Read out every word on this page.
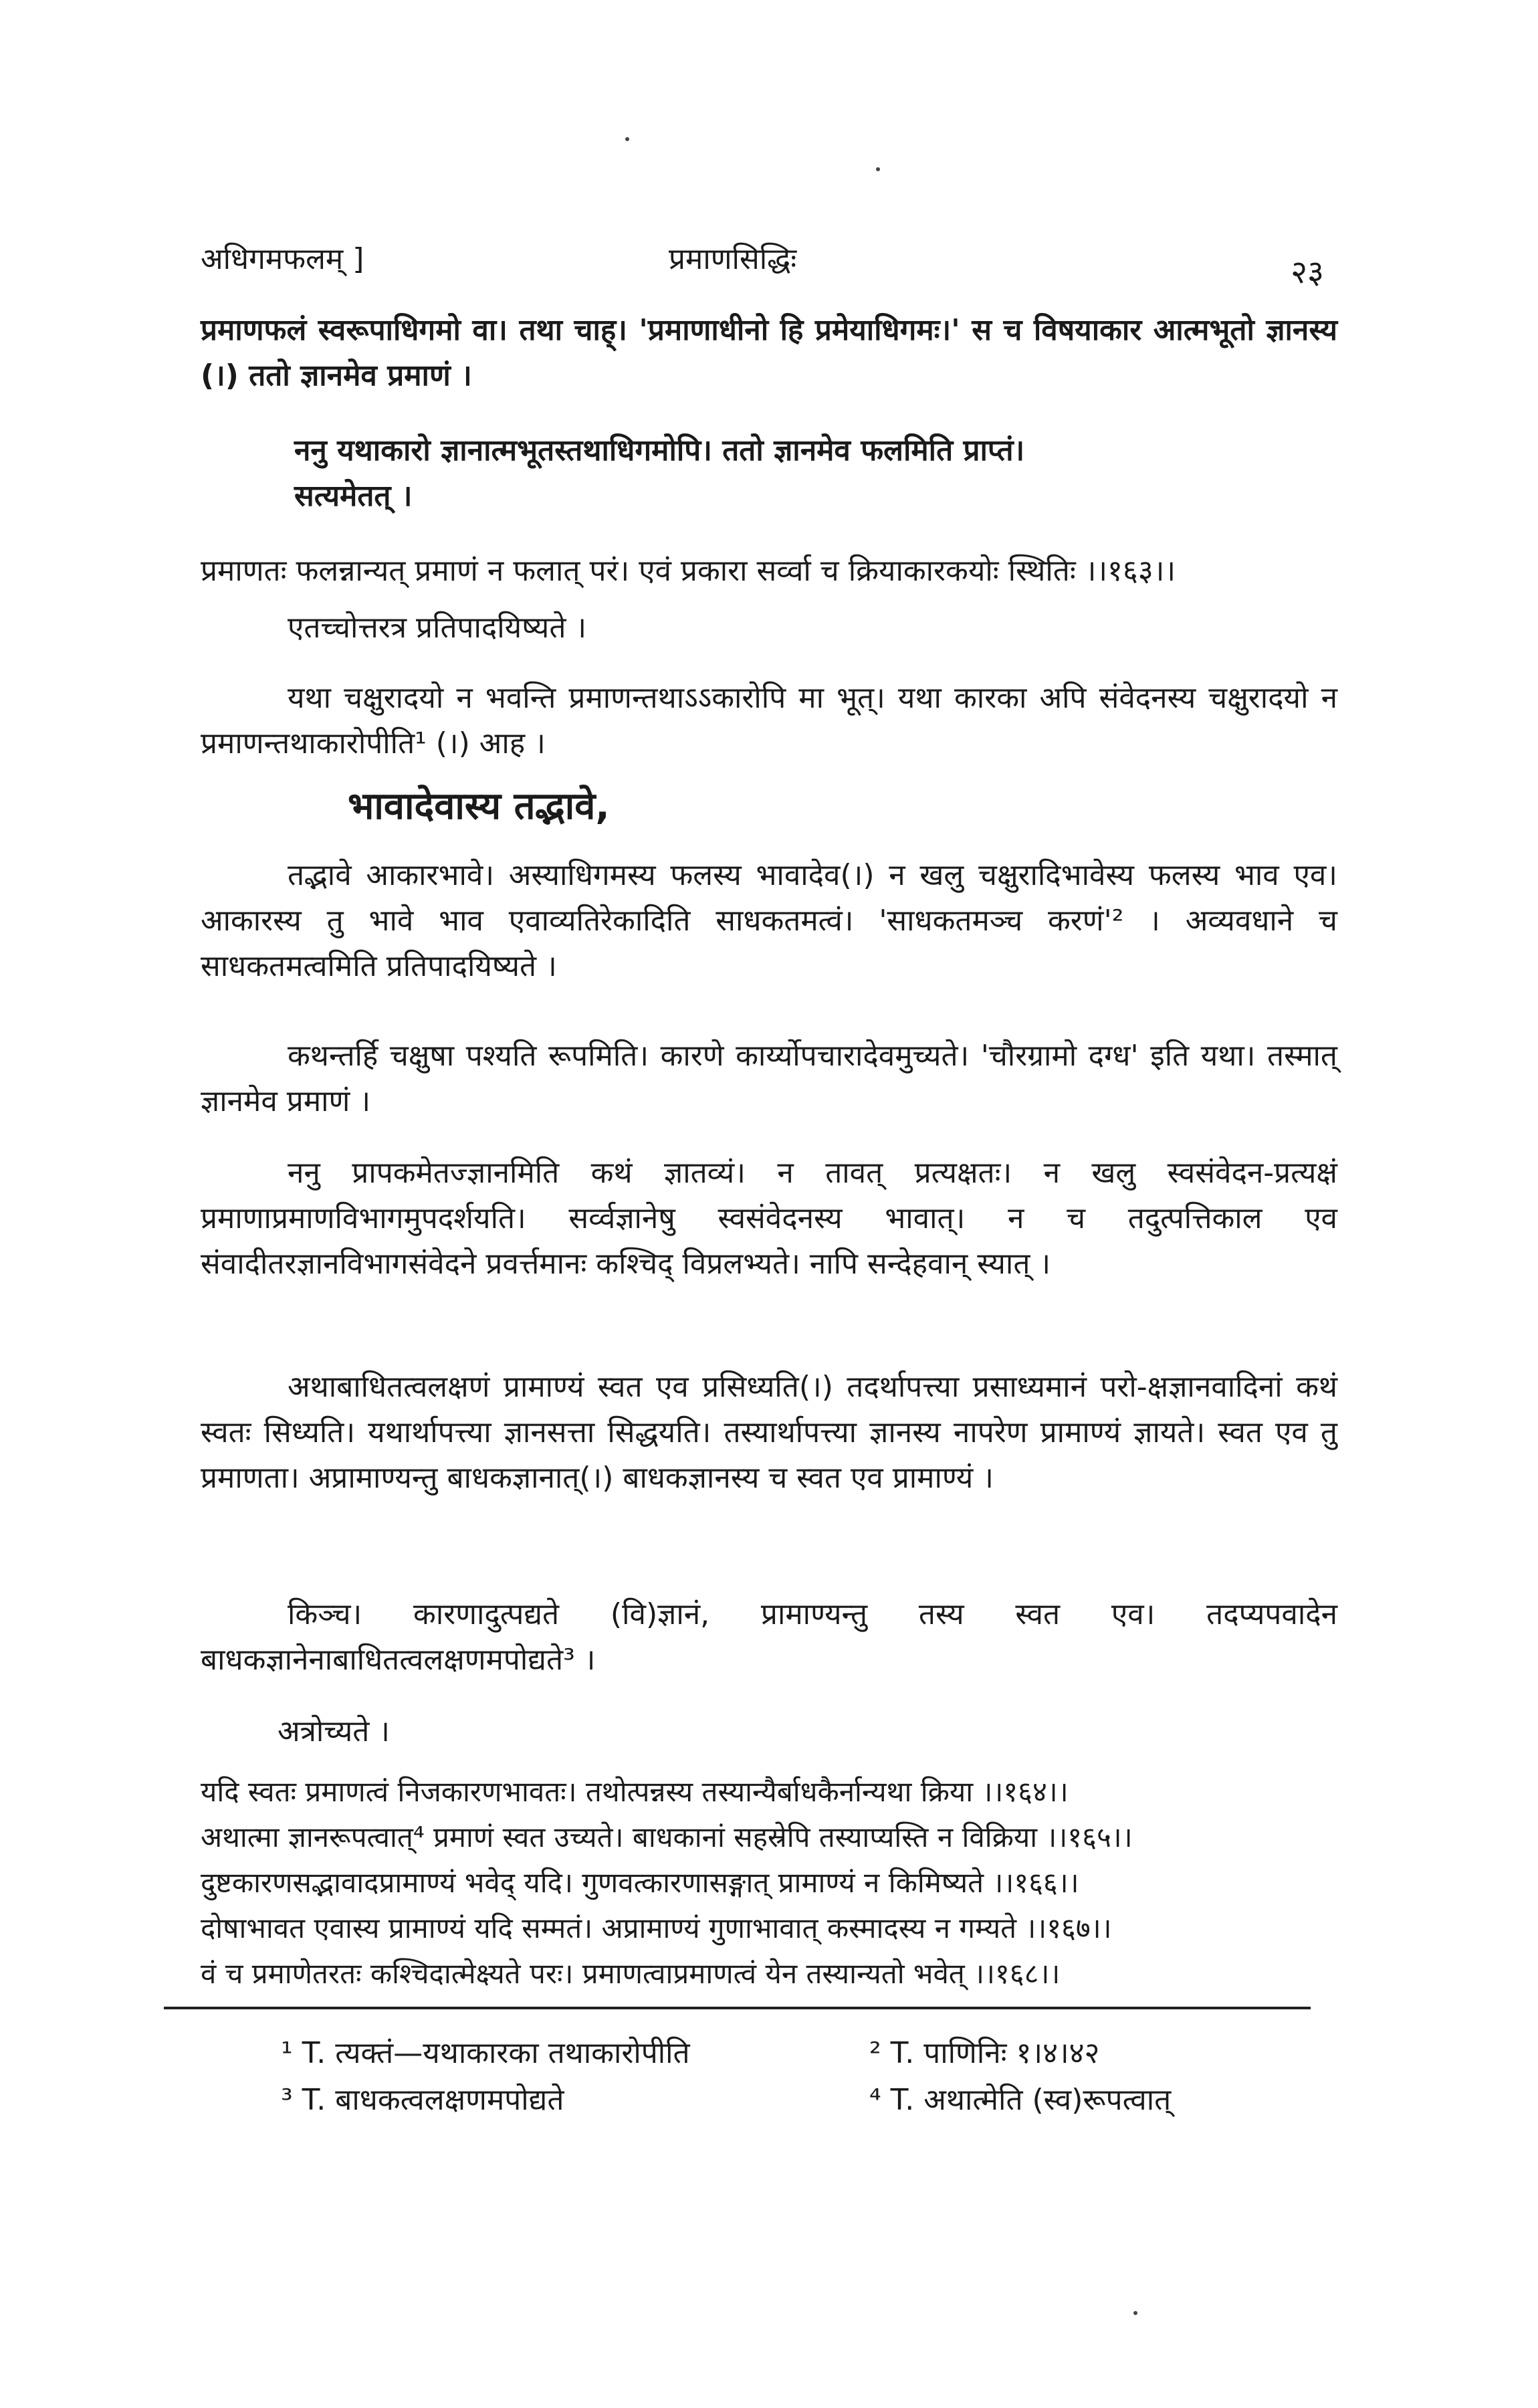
अधिगमफलम् ]	प्रमाणसिद्धिः	२३

प्रमाणफलं स्वरूपाधिगमो वा। तथा चाह्। 'प्रमाणाधीनो हि प्रमेयाधिगमः।' स च विषयाकार आत्मभूतो ज्ञानस्य (।) ततो ज्ञानमेव प्रमाणं ।

ननु यथाकारो ज्ञानात्मभूतस्तथाधिगमोपि। ततो ज्ञानमेव फलमिति प्राप्तं।

सत्यमेतत् ।

प्रमाणतः फलन्नान्यत् प्रमाणं न फलात् परं। एवं प्रकारा सर्व्वा च क्रियाकारकयोः स्थितिः ।।१६३।।

एतच्चोत्तरत्र प्रतिपादयिष्यते ।

यथा चक्षुरादयो न भवन्ति प्रमाणन्तथाऽऽकारोपि मा भूत्। यथा कारका अपि संवेदनस्य चक्षुरादयो न प्रमाणन्तथाकारोपीति¹ (।) आह ।

भावादेवास्य तद्भावे,

तद्भावे आकारभावे। अस्याधिगमस्य फलस्य भावादेव(।) न खलु चक्षुरादिभावेस्य फलस्य भाव एव। आकारस्य तु भावे भाव एवाव्यतिरेकादिति साधकतमत्वं। 'साधकतमञ्च करणं'² । अव्यवधाने च साधकतमत्वमिति प्रतिपादयिष्यते ।

कथन्तर्हि चक्षुषा पश्यति रूपमिति। कारणे कार्य्योपचारादेवमुच्यते। 'चौरग्रामो दग्ध' इति यथा। तस्मात् ज्ञानमेव प्रमाणं ।

ननु प्रापकमेतज्ज्ञानमिति कथं ज्ञातव्यं। न तावत् प्रत्यक्षतः। न खलु स्वसंवेदन-प्रत्यक्षं प्रमाणाप्रमाणविभागमुपदर्शयति। सर्व्वज्ञानेषु स्वसंवेदनस्य भावात्। न च तदुत्पत्तिकाल एव संवादीतरज्ञानविभागसंवेदने प्रवर्त्तमानः कश्चिद् विप्रलभ्यते। नापि सन्देहवान् स्यात् ।

अथाबाधितत्वलक्षणं प्रामाण्यं स्वत एव प्रसिध्यति(।) तदर्थापत्त्या प्रसाध्यमानं परो-क्षज्ञानवादिनां कथं स्वतः सिध्यति। यथार्थापत्त्या ज्ञानसत्ता सिद्धयति। तस्यार्थापत्त्या ज्ञानस्य नापरेण प्रामाण्यं ज्ञायते। स्वत एव तु प्रमाणता। अप्रामाण्यन्तु बाधकज्ञानात्(।) बाधकज्ञानस्य च स्वत एव प्रामाण्यं ।

किञ्च। कारणादुत्पद्यते (वि)ज्ञानं, प्रामाण्यन्तु तस्य स्वत एव। तदप्यपवादेन बाधकज्ञानेनाबाधितत्वलक्षणमपोद्यते³ ।

अत्रोच्यते ।

यदि स्वतः प्रमाणत्वं निजकारणभावतः। तथोत्पन्नस्य तस्यान्यैर्बाधकैर्नान्यथा क्रिया ।।१६४।।
अथात्मा ज्ञानरूपत्वात्⁴ प्रमाणं स्वत उच्यते। बाधकानां सहस्रेपि तस्याप्यस्ति न विक्रिया ।।१६५।।
दुष्टकारणसद्भावादप्रामाण्यं भवेद् यदि। गुणवत्कारणासङ्गात् प्रामाण्यं न किमिष्यते ।।१६६।।
दोषाभावत एवास्य प्रामाण्यं यदि सम्मतं। अप्रामाण्यं गुणाभावात् कस्मादस्य न गम्यते ।।१६७।।
वं च प्रमाणेतरतः कश्चिदात्मेक्ष्यते परः। प्रमाणत्वाप्रमाणत्वं येन तस्यान्यतो भवेत् ।।१६८।।
¹ T. त्यक्तं—यथाकारका तथाकारोपीति	² T. पाणिनिः १।४।४२
³ T. बाधकत्वलक्षणमपोद्यते	⁴ T. अथात्मेति (स्व)रूपत्वात्
